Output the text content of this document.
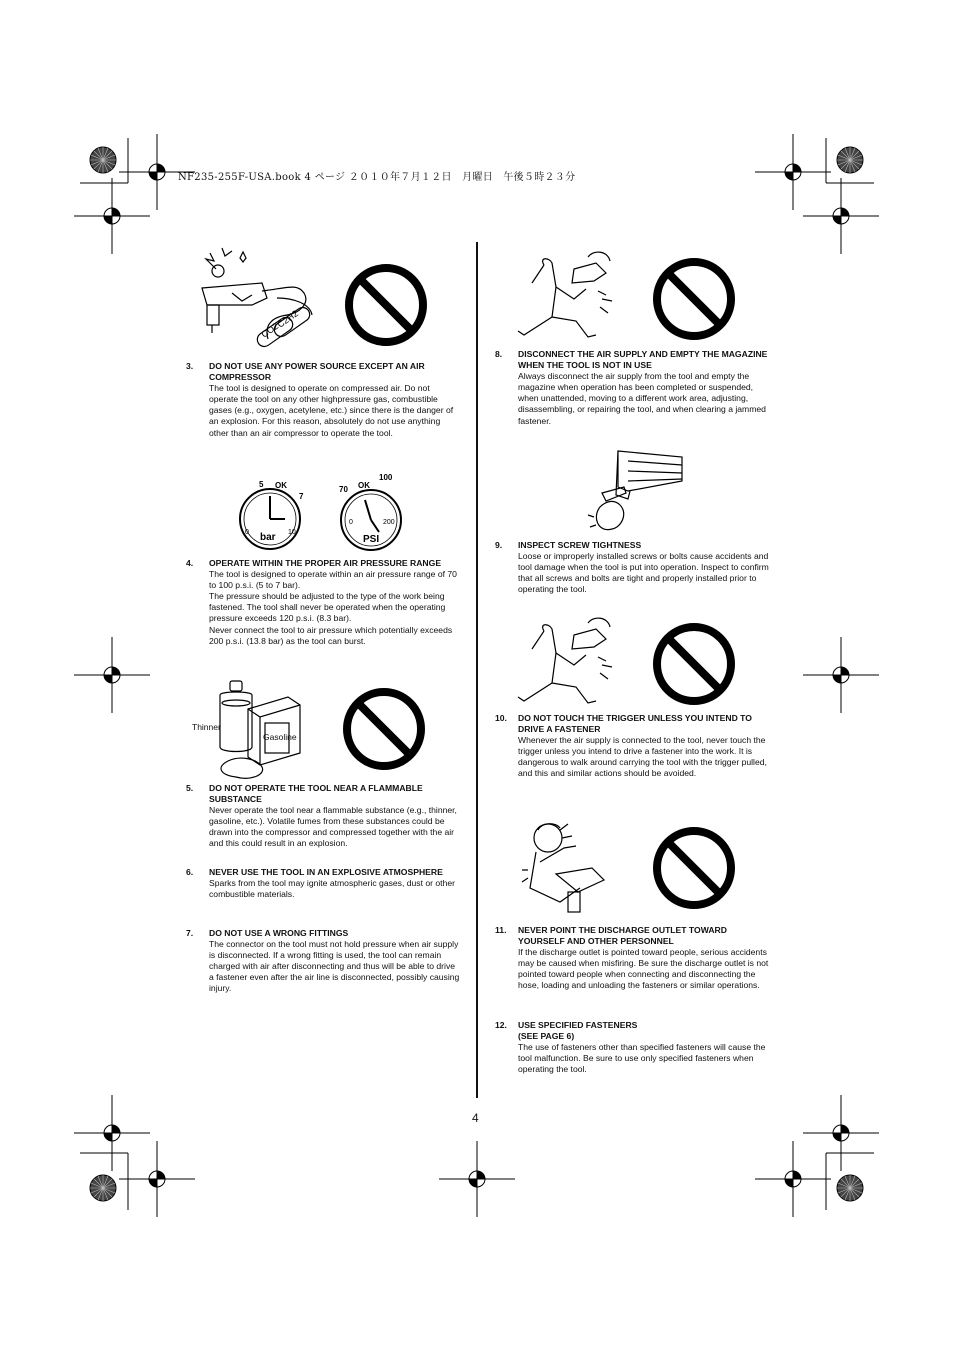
NF235-255F-USA.book 4 ページ ２０１０年７月１２日　月曜日　午後５時２３分
CO2
C2H2
3. DO NOT USE ANY POWER SOURCE EXCEPT AN AIR COMPRESSOR
The tool is designed to operate on compressed air. Do not operate the tool on any other highpressure gas, combustible gases (e.g., oxygen, acetylene, etc.) since there is the danger of an explosion. For this reason, absolutely do not use anything other than an air compressor to operate the tool.
5 OK
7
0	10
bar
70 OK
100
0	200
PSI
4. OPERATE WITHIN THE PROPER AIR PRESSURE RANGE
The tool is designed to operate within an air pressure range of 70 to 100 p.s.i. (5 to 7 bar).
The pressure should be adjusted to the type of the work being fastened. The tool shall never be operated when the operating pressure exceeds 120 p.s.i. (8.3 bar).
Never connect the tool to air pressure which potentially exceeds 200 p.s.i. (13.8 bar) as the tool can burst.
Thinner
Gasoline
5. DO NOT OPERATE THE TOOL NEAR A FLAMMABLE SUBSTANCE
Never operate the tool near a flammable substance (e.g., thinner, gasoline, etc.). Volatile fumes from these substances could be drawn into the compressor and compressed together with the air and this could result in an explosion.
6. NEVER USE THE TOOL IN AN EXPLOSIVE ATMOSPHERE
Sparks from the tool may ignite atmospheric gases, dust or other combustible materials.
7. DO NOT USE A WRONG FITTINGS
The connector on the tool must not hold pressure when air supply is disconnected. If a wrong fitting is used, the tool can remain charged with air after disconnecting and thus will be able to drive a fastener even after the air line is disconnected, possibly causing injury.
8. DISCONNECT THE AIR SUPPLY AND EMPTY THE MAGAZINE WHEN THE TOOL IS NOT IN USE
Always disconnect the air supply from the tool and empty the magazine when operation has been completed or suspended, when unattended, moving to a different work area, adjusting, disassembling, or repairing the tool, and when clearing a jammed fastener.
9. INSPECT SCREW TIGHTNESS
Loose or improperly installed screws or bolts cause accidents and tool damage when the tool is put into operation. Inspect to confirm that all screws and bolts are tight and properly installed prior to operating the tool.
10. DO NOT TOUCH THE TRIGGER UNLESS YOU INTEND TO DRIVE A FASTENER
Whenever the air supply is connected to the tool, never touch the trigger unless you intend to drive a fastener into the work. It is dangerous to walk around carrying the tool with the trigger pulled, and this and similar actions should be avoided.
11. NEVER POINT THE DISCHARGE OUTLET TOWARD YOURSELF AND OTHER PERSONNEL
If the discharge outlet is pointed toward people, serious accidents may be caused when misfiring. Be sure the discharge outlet is not pointed toward people when connecting and disconnecting the hose, loading and unloading the fasteners or similar operations.
12. USE SPECIFIED FASTENERS
(SEE PAGE 6)
The use of fasteners other than specified fasteners will cause the tool malfunction. Be sure to use only specified fasteners when operating the tool.
4
